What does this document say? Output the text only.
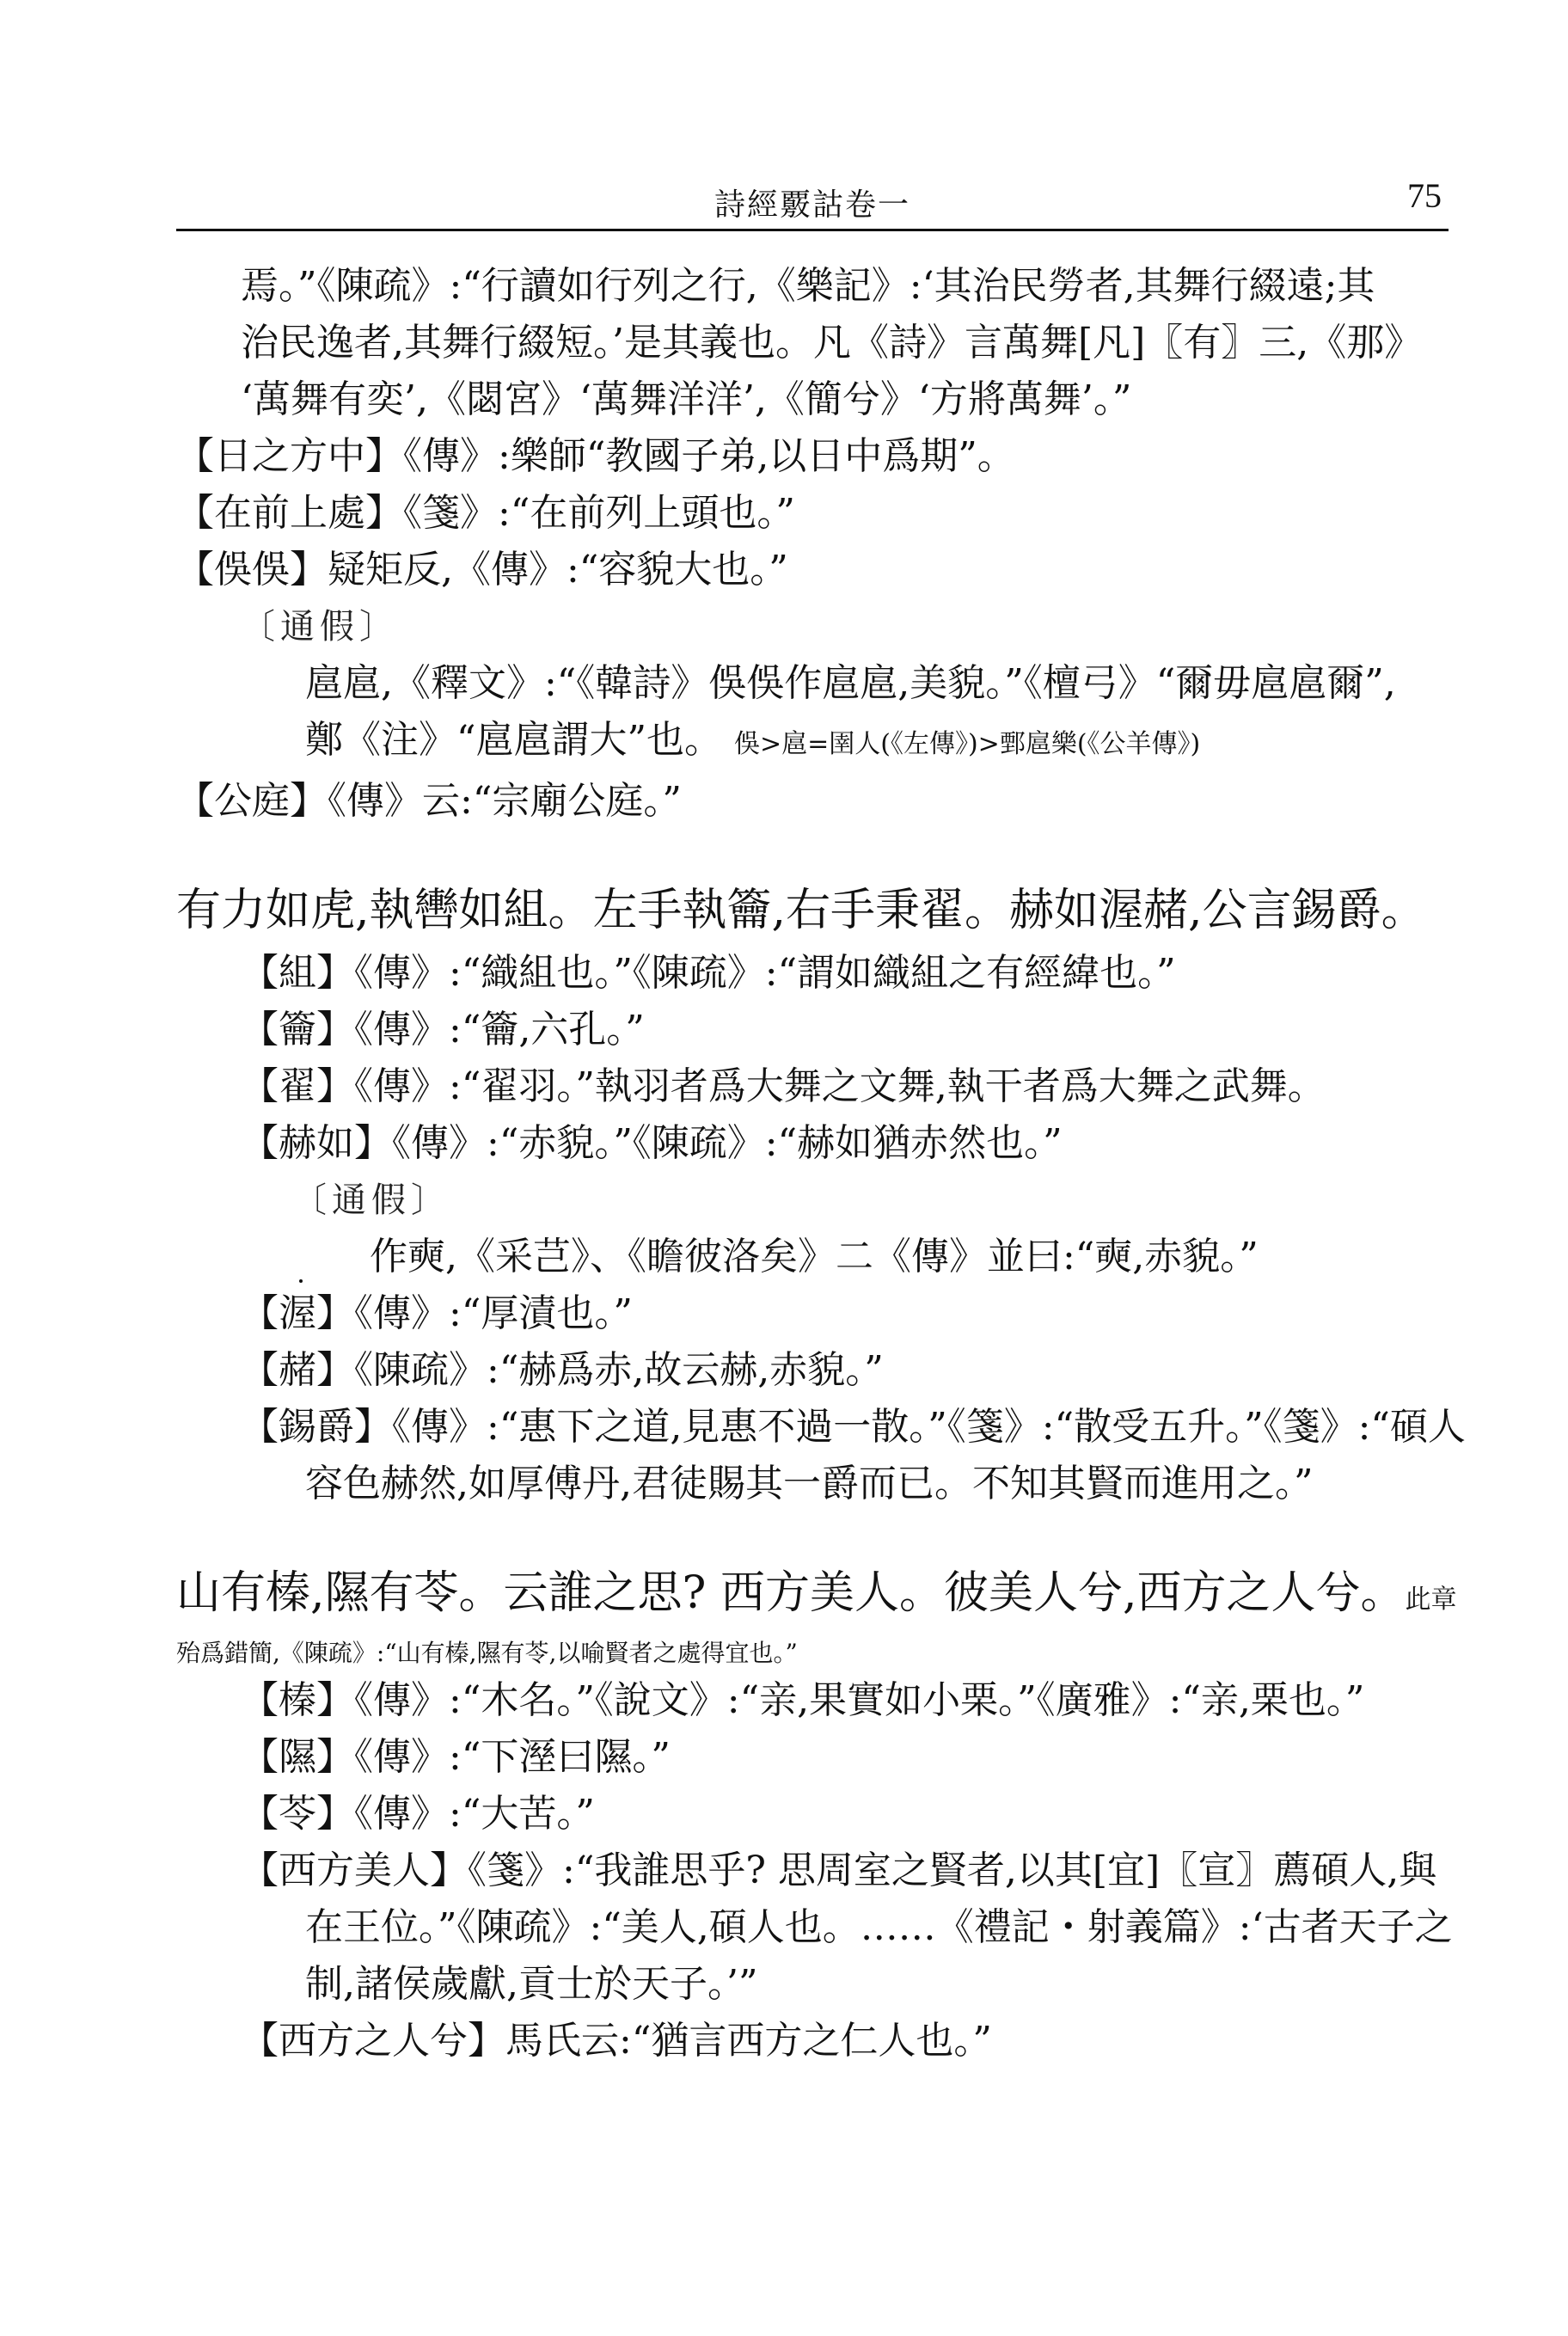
詩經覈詁卷一	75
焉。”《陳疏》:“行讀如行列之行,《樂記》:‘其治民勞者,其舞行綴遠;其
治民逸者,其舞行綴短。’是其義也。凡《詩》言萬舞[凡]〖有〗三,《那》
‘萬舞有奕’,《閟宮》‘萬舞洋洋’,《簡兮》‘方將萬舞’。”
【日之方中】《傳》:樂師“教國子弟,以日中爲期”。
【在前上處】《箋》:“在前列上頭也。”
【俁俁】疑矩反,《傳》:“容貌大也。”
〔通假〕
扈扈,《釋文》:“《韓詩》俁俁作扈扈,美貌。”《檀弓》“爾毋扈扈爾”,
鄭《注》“扈扈謂大”也。 俁>扈=圉人(《左傳》)>鄄扈樂(《公羊傳》)
【公庭】《傳》云:“宗廟公庭。”
有力如虎,執轡如組。左手執籥,右手秉翟。赫如渥赭,公言錫爵。
【組】《傳》:“織組也。”《陳疏》:“謂如織組之有經緯也。”
【籥】《傳》:“籥,六孔。”
【翟】《傳》:“翟羽。”執羽者爲大舞之文舞,執干者爲大舞之武舞。
【赫如】《傳》:“赤貌。”《陳疏》:“赫如猶赤然也。”
〔通假〕
作奭,《采芑》、《瞻彼洛矣》二《傳》並曰:“奭,赤貌。”
【渥】《傳》:“厚漬也。”
【赭】《陳疏》:“赫爲赤,故云赫,赤貌。”
【錫爵】《傳》:“惠下之道,見惠不過一散。”《箋》:“散受五升。”《箋》:“碩人
容色赫然,如厚傅丹,君徒賜其一爵而已。不知其賢而進用之。”
山有榛,隰有苓。云誰之思? 西方美人。彼美人兮,西方之人兮。此章
殆爲錯簡,《陳疏》:“山有榛,隰有苓,以喻賢者之處得宜也。”
【榛】《傳》:“木名。”《說文》:“亲,果實如小栗。”《廣雅》:“亲,栗也。”
【隰】《傳》:“下溼曰隰。”
【苓】《傳》:“大苦。”
【西方美人】《箋》:“我誰思乎? 思周室之賢者,以其[宜]〖宣〗薦碩人,與
在王位。”《陳疏》:“美人,碩人也。……《禮記・射義篇》:‘古者天子之
制,諸侯歲獻,貢士於天子。’”
【西方之人兮】馬氏云:“猶言西方之仁人也。”
